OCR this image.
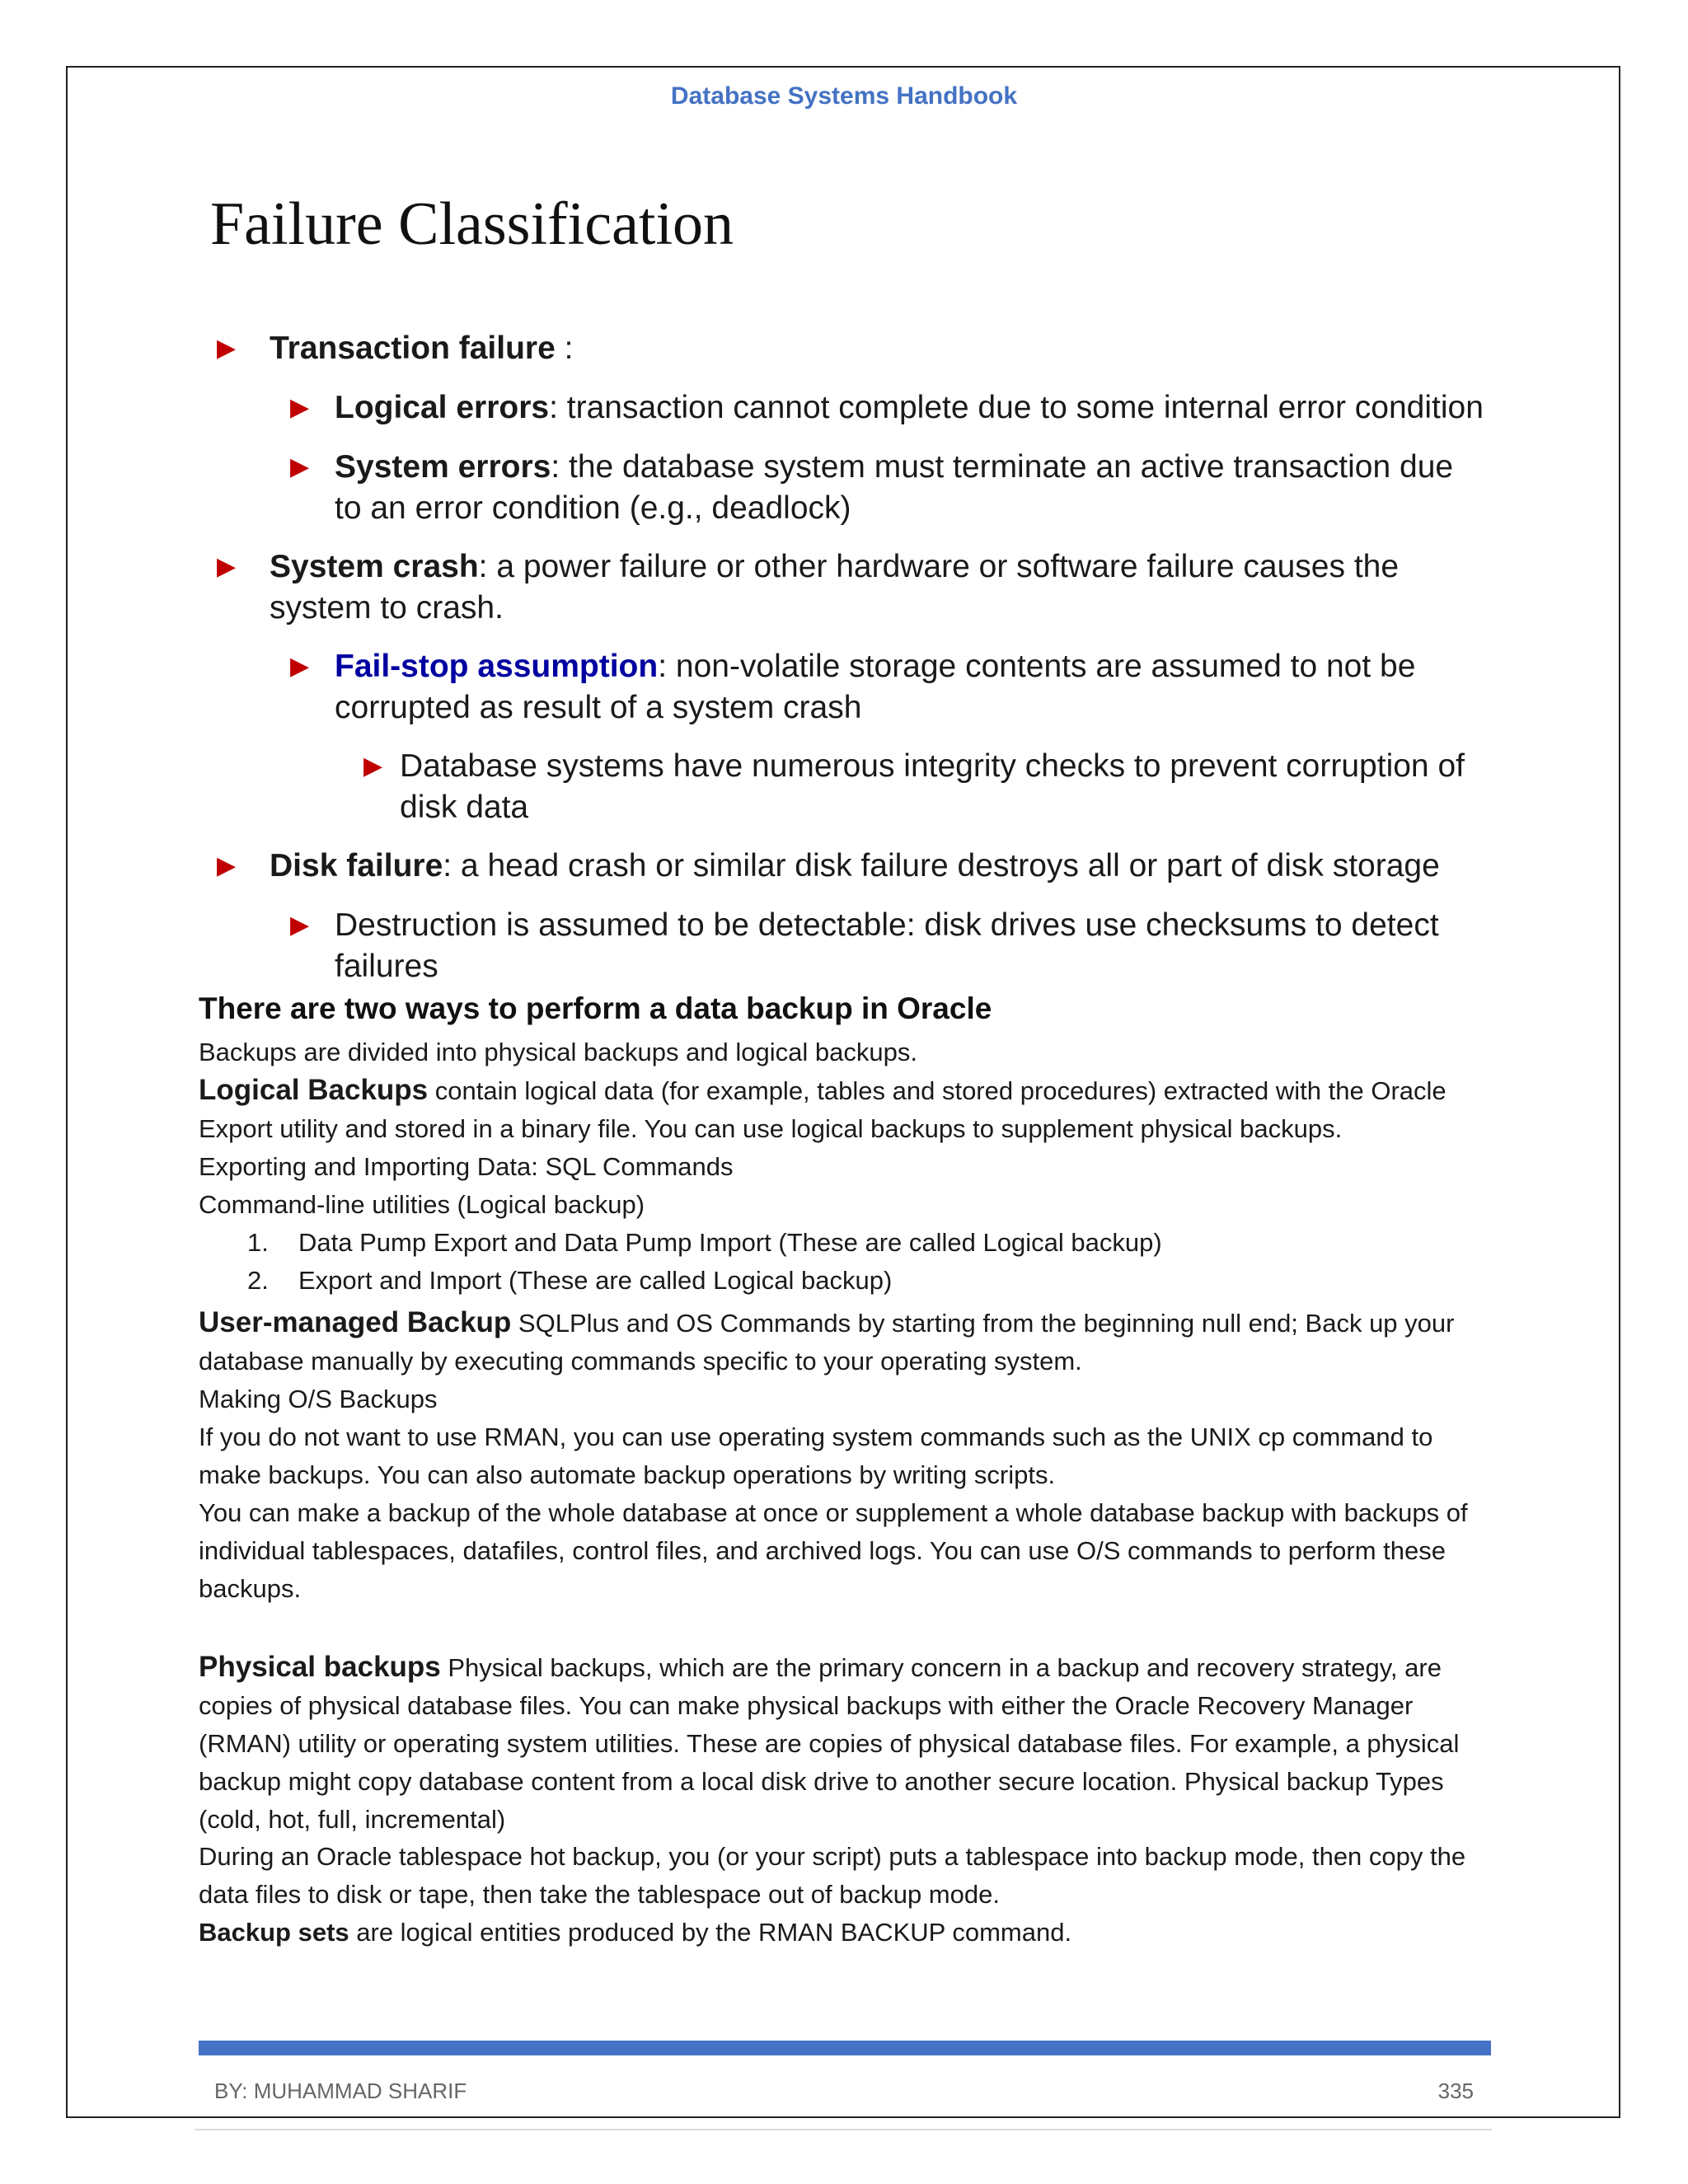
Database Systems Handbook
Failure Classification
▶ Transaction failure :
▶ Logical errors: transaction cannot complete due to some internal error condition
▶ System errors: the database system must terminate an active transaction due to an error condition (e.g., deadlock)
▶ System crash: a power failure or other hardware or software failure causes the system to crash.
▶ Fail-stop assumption: non-volatile storage contents are assumed to not be corrupted as result of a system crash
▶ Database systems have numerous integrity checks to prevent corruption of disk data
▶ Disk failure: a head crash or similar disk failure destroys all or part of disk storage
▶ Destruction is assumed to be detectable: disk drives use checksums to detect failures
There are two ways to perform a data backup in Oracle
Backups are divided into physical backups and logical backups.
Logical Backups contain logical data (for example, tables and stored procedures) extracted with the Oracle Export utility and stored in a binary file. You can use logical backups to supplement physical backups.
Exporting and Importing Data: SQL Commands
Command-line utilities (Logical backup)
1. Data Pump Export and Data Pump Import (These are called Logical backup)
2. Export and Import (These are called Logical backup)
User-managed Backup SQLPlus and OS Commands by starting from the beginning null end; Back up your database manually by executing commands specific to your operating system.
Making O/S Backups
If you do not want to use RMAN, you can use operating system commands such as the UNIX cp command to make backups. You can also automate backup operations by writing scripts.
You can make a backup of the whole database at once or supplement a whole database backup with backups of individual tablespaces, datafiles, control files, and archived logs. You can use O/S commands to perform these backups.
Physical backups Physical backups, which are the primary concern in a backup and recovery strategy, are copies of physical database files. You can make physical backups with either the Oracle Recovery Manager (RMAN) utility or operating system utilities. These are copies of physical database files. For example, a physical backup might copy database content from a local disk drive to another secure location. Physical backup Types (cold, hot, full, incremental)
During an Oracle tablespace hot backup, you (or your script) puts a tablespace into backup mode, then copy the data files to disk or tape, then take the tablespace out of backup mode.
Backup sets are logical entities produced by the RMAN BACKUP command.
BY: MUHAMMAD SHARIF	335
